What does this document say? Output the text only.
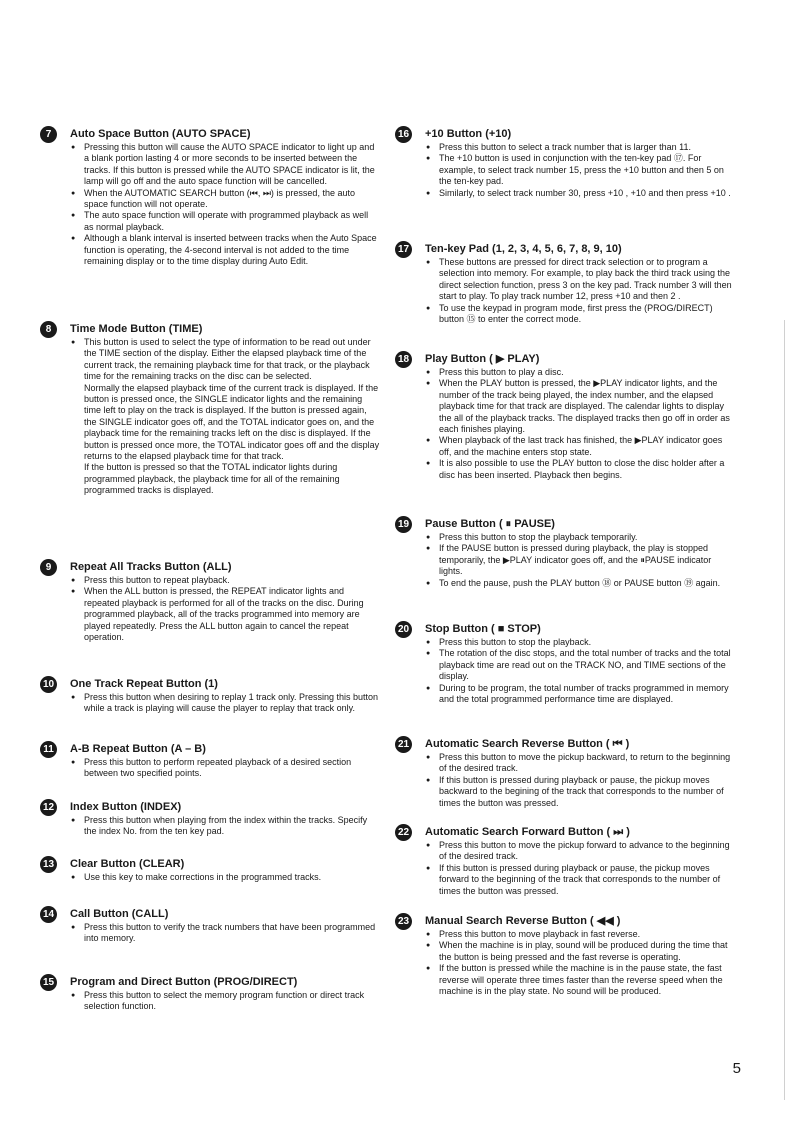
7	Auto Space Button (AUTO SPACE)
● Pressing this button will cause the AUTO SPACE indicator to light up and a blank portion lasting 4 or more seconds to be inserted between the tracks. If this button is pressed while the AUTO SPACE indicator is lit, the lamp will go off and the auto space function will be cancelled.
● When the AUTOMATIC SEARCH button (⏮, ⏭) is pressed, the auto space function will not operate.
● The auto space function will operate with programmed playback as well as normal playback.
● Although a blank interval is inserted between tracks when the Auto Space function is operating, the 4-second interval is not added to the time remaining display or to the time display during Auto Edit.
8	Time Mode Button (TIME)
● This button is used to select the type of information to be read out under the TIME section of the display. Either the elapsed playback time of the current track, the remaining playback time for that track, or the playback time for the remaining tracks on the disc can be selected.

Normally the elapsed playback time of the current track is displayed. If the button is pressed once, the SINGLE indicator lights and the remaining time left to play on the track is displayed. If the button is pressed again, the SINGLE indicator goes off, and the TOTAL indicator goes on, and the playback time for the remaining tracks left on the disc is displayed. If the button is pressed once more, the TOTAL indicator goes off and the display returns to the elapsed playback time for that track.

If the button is pressed so that the TOTAL indicator lights during programmed playback, the playback time for all of the remaining programmed tracks is displayed.

9	Repeat All Tracks Button (ALL)
● Press this button to repeat playback.
● When the ALL button is pressed, the REPEAT indicator lights and repeated playback is performed for all of the tracks on the disc. During programmed playback, all of the tracks programmed into memory are played repeatedly. Press the ALL button again to cancel the repeat operation.
10 One Track Repeat Button (1)
● Press this button when desiring to replay 1 track only. Pressing this button while a track is playing will cause the player to replay that track only.
11 A-B Repeat Button (A – B)
● Press this button to perform repeated playback of a desired section between two specified points.
12 Index Button (INDEX)
● Press this button when playing from the index within the tracks. Specify the index No. from the ten key pad.
13 Clear Button (CLEAR)
● Use this key to make corrections in the programmed tracks.
14 Call Button (CALL)
● Press this button to verify the track numbers that have been programmed into memory.
15 Program and Direct Button (PROG/DIRECT)
● Press this button to select the memory program function or direct track selection function.
16 +10 Button (+10)
● Press this button to select a track number that is larger than 11.
● The +10 button is used in conjunction with the ten-key pad ⑰. For example, to select track number 15, press the +10 button and then 5 on the ten-key pad.
● Similarly, to select track number 30, press +10 , +10 and then press +10 .
17 Ten-key Pad (1, 2, 3, 4, 5, 6, 7, 8, 9, 10)
● These buttons are pressed for direct track selection or to program a selection into memory. For example, to play back the third track using the direct selection function, press 3 on the key pad. Track number 3 will then start to play. To play track number 12, press +10 and then 2 .
● To use the keypad in program mode, first press the (PROG/DIRECT) button ⑮ to enter the correct mode.
18 Play Button ( ▶ PLAY)
● Press this button to play a disc.
● When the PLAY button is pressed, the ▶PLAY indicator lights, and the number of the track being played, the index number, and the elapsed playback time for that track are displayed. The calendar lights to display the all of the playback tracks. The displayed tracks then go off in order as each finishes playing.
● When playback of the last track has finished, the ▶PLAY indicator goes off, and the machine enters stop state.
● It is also possible to use the PLAY button to close the disc holder after a disc has been inserted. Playback then begins.
19 Pause Button ( ⏸ PAUSE)
● Press this button to stop the playback temporarily.
● If the PAUSE button is pressed during playback, the play is stopped temporarily, the ▶PLAY indicator goes off, and the ⏸PAUSE indicator lights.
● To end the pause, push the PLAY button ⑱ or PAUSE button ⑲ again.
20 Stop Button ( ■ STOP)
● Press this button to stop the playback.
● The rotation of the disc stops, and the total number of tracks and the total playback time are read out on the TRACK NO, and TIME sections of the display.
● During to be program, the total number of tracks programmed in memory and the total programmed performance time are displayed.
21 Automatic Search Reverse Button ( ⏮ )
● Press this button to move the pickup backward, to return to the beginning of the desired track.
● If this button is pressed during playback or pause, the pickup moves backward to the begining of the track that corresponds to the number of times the button was pressed.
22 Automatic Search Forward Button ( ⏭ )
● Press this button to move the pickup forward to advance to the beginning of the desired track.
● If this button is pressed during playback or pause, the pickup moves forward to the beginning of the track that corresponds to the number of times the button was pressed.
23 Manual Search Reverse Button ( ◀◀ )
● Press this button to move playback in fast reverse.
● When the machine is in play, sound will be produced during the time that the button is being pressed and the fast reverse is operating.
● If the button is pressed while the machine is in the pause state, the fast reverse will operate three times faster than the reverse speed when the machine is in the play state. No sound will be produced.
5
